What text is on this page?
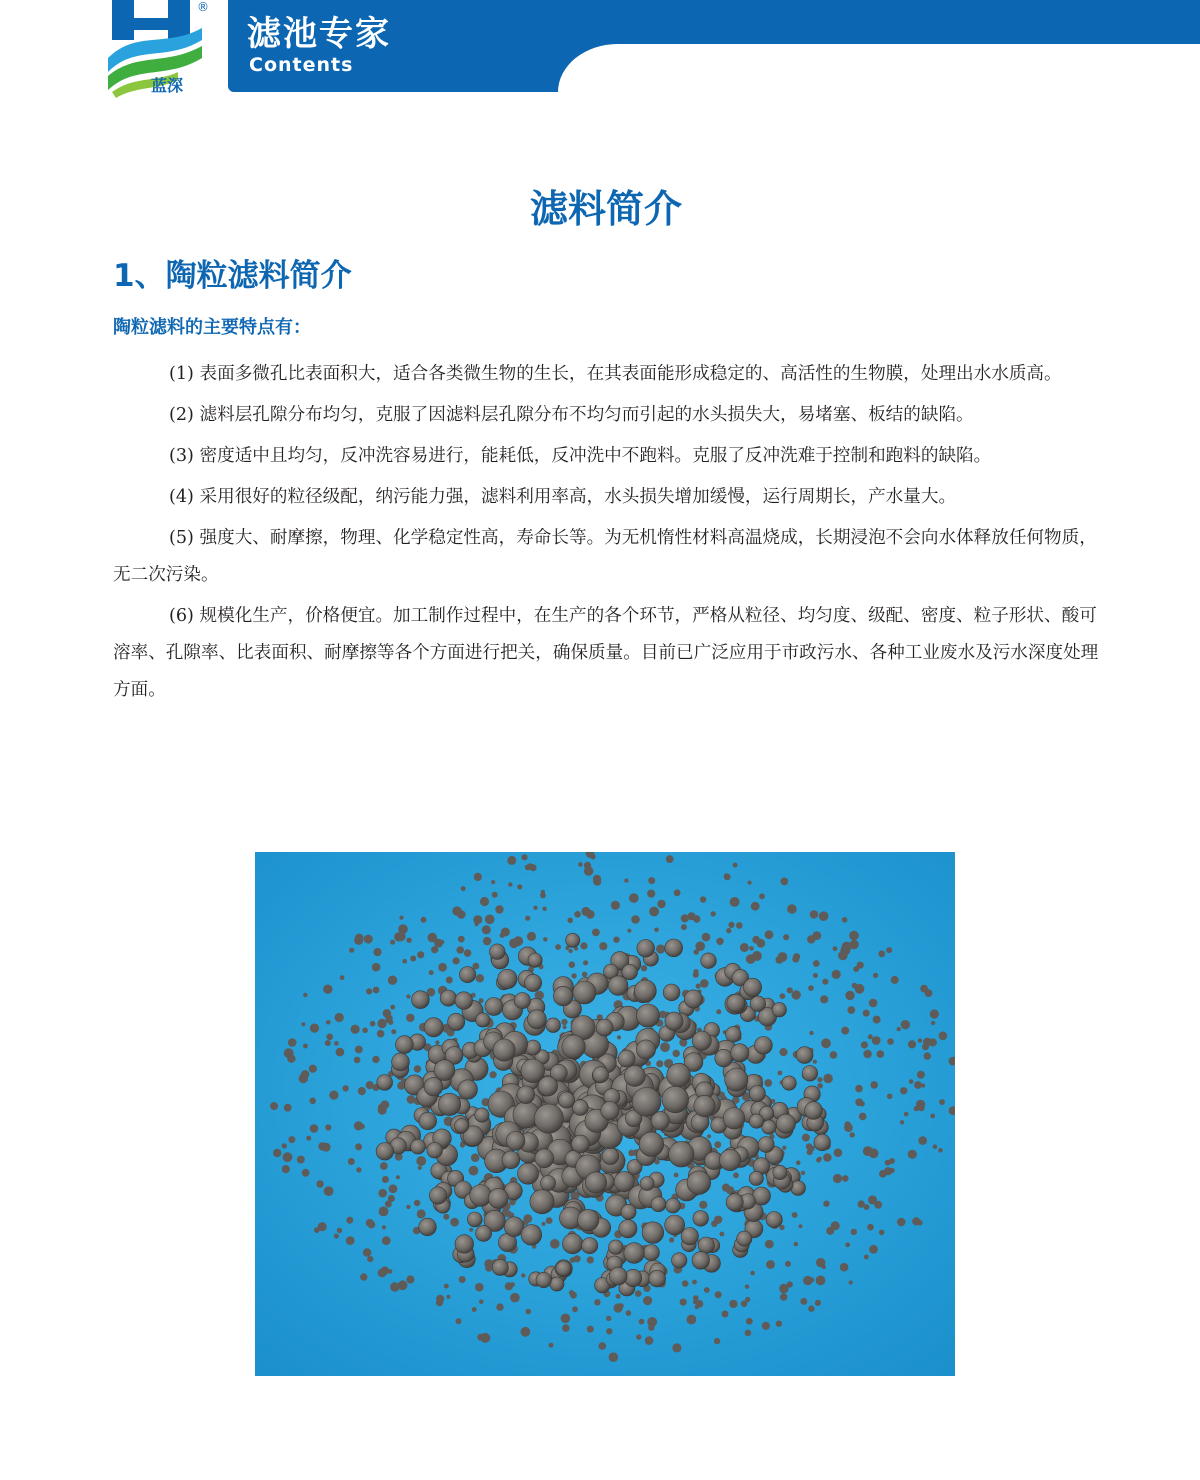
®
蓝深
滤池专家
Contents
滤料简介
1、陶粒滤料简介
陶粒滤料的主要特点有：

(1) 表面多微孔比表面积大，适合各类微生物的生长，在其表面能形成稳定的、高活性的生物膜，处理出水水质高。

(2) 滤料层孔隙分布均匀，克服了因滤料层孔隙分布不均匀而引起的水头损失大，易堵塞、板结的缺陷。

(3) 密度适中且均匀，反冲洗容易进行，能耗低，反冲洗中不跑料。克服了反冲洗难于控制和跑料的缺陷。

(4) 采用很好的粒径级配，纳污能力强，滤料利用率高，水头损失增加缓慢，运行周期长，产水量大。

(5) 强度大、耐摩擦，物理、化学稳定性高，寿命长等。为无机惰性材料高温烧成，长期浸泡不会向水体释放任何物质，无二次污染。

(6) 规模化生产，价格便宜。加工制作过程中，在生产的各个环节，严格从粒径、均匀度、级配、密度、粒子形状、酸可溶率、孔隙率、比表面积、耐摩擦等各个方面进行把关，确保质量。目前已广泛应用于市政污水、各种工业废水及污水深度处理方面。
